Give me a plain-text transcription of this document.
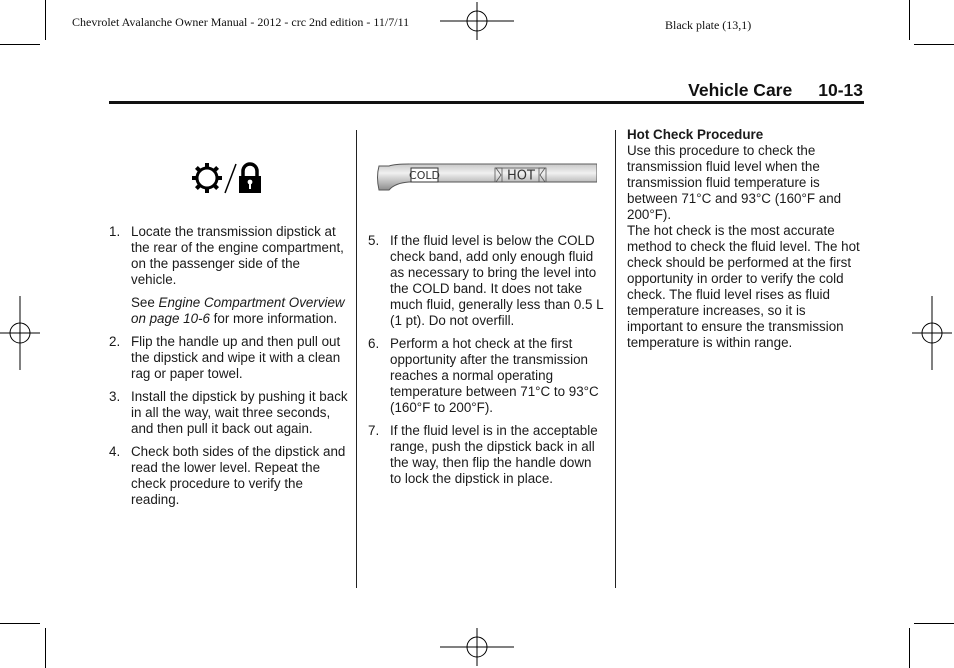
Chevrolet Avalanche Owner Manual - 2012 - crc 2nd edition - 11/7/11	Black plate (13,1)
Vehicle Care 10-13
COLD	HOT
1. Locate the transmission dipstick at the rear of the engine compartment, on the passenger side of the vehicle.
See Engine Compartment Overview on page 10-6 for more information.
2. Flip the handle up and then pull out the dipstick and wipe it with a clean rag or paper towel.
3. Install the dipstick by pushing it back in all the way, wait three seconds, and then pull it back out again.
4. Check both sides of the dipstick and read the lower level. Repeat the check procedure to verify the reading.
5. If the fluid level is below the COLD check band, add only enough fluid as necessary to bring the level into the COLD band. It does not take much fluid, generally less than 0.5 L (1 pt). Do not overfill.
6. Perform a hot check at the first opportunity after the transmission reaches a normal operating temperature between 71°C to 93°C (160°F to 200°F).
7. If the fluid level is in the acceptable range, push the dipstick back in all the way, then flip the handle down to lock the dipstick in place.

Hot Check Procedure

Use this procedure to check the transmission fluid level when the transmission fluid temperature is between 71°C and 93°C (160°F and 200°F).

The hot check is the most accurate method to check the fluid level. The hot check should be performed at the first opportunity in order to verify the cold check. The fluid level rises as fluid temperature increases, so it is important to ensure the transmission temperature is within range.
